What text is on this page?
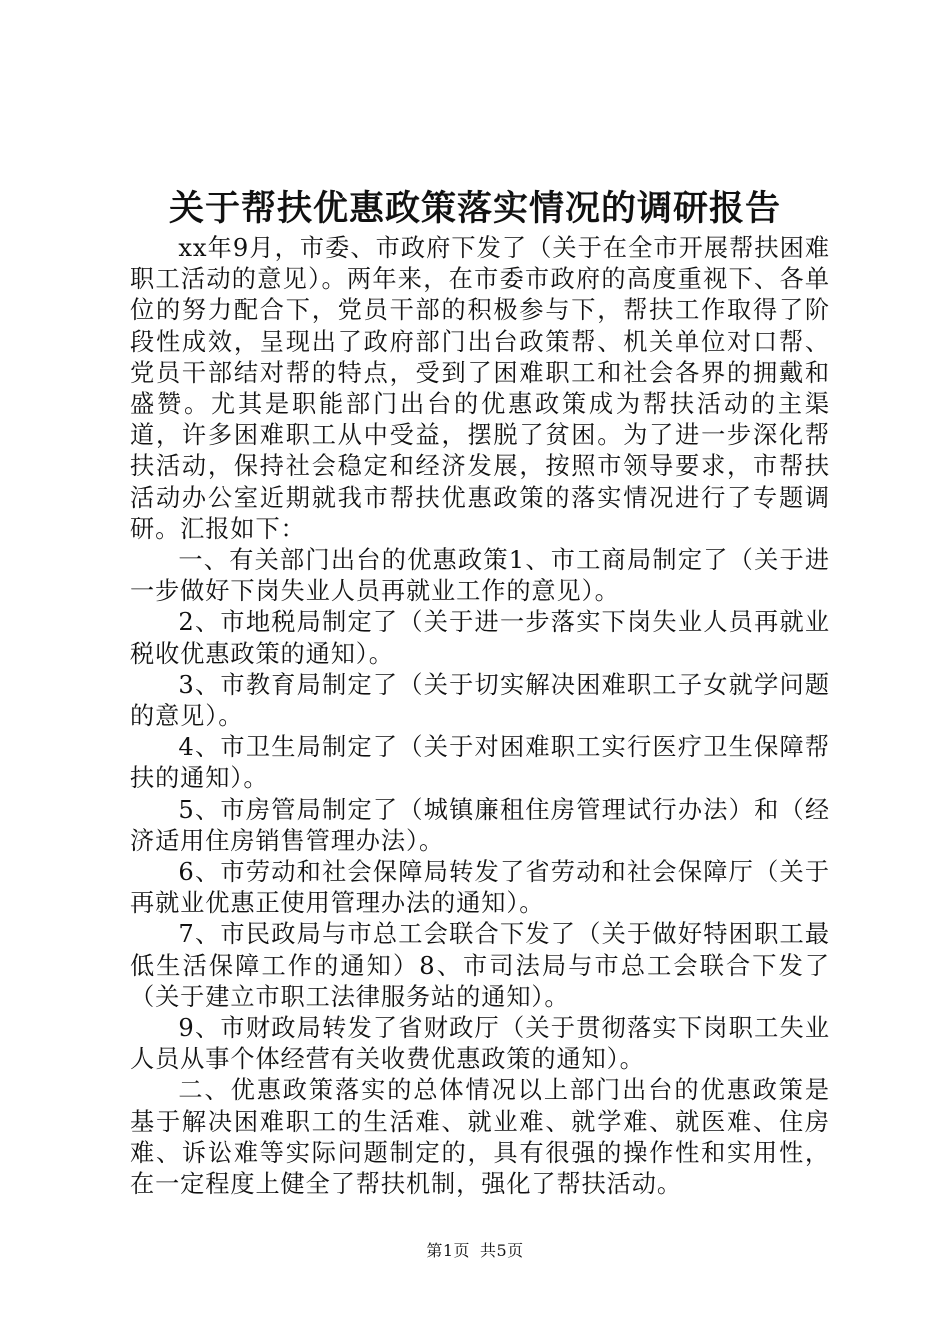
关于帮扶优惠政策落实情况的调研报告

xx年9月，市委、市政府下发了（关于在全市开展帮扶困难职工活动的意见）。两年来，在市委市政府的高度重视下、各单位的努力配合下，党员干部的积极参与下，帮扶工作取得了阶段性成效，呈现出了政府部门出台政策帮、机关单位对口帮、党员干部结对帮的特点，受到了困难职工和社会各界的拥戴和盛赞。尤其是职能部门出台的优惠政策成为帮扶活动的主渠道，许多困难职工从中受益，摆脱了贫困。为了进一步深化帮扶活动，保持社会稳定和经济发展，按照市领导要求，市帮扶活动办公室近期就我市帮扶优惠政策的落实情况进行了专题调研。汇报如下：

一、有关部门出台的优惠政策1、市工商局制定了（关于进一步做好下岗失业人员再就业工作的意见）。

2、市地税局制定了（关于进一步落实下岗失业人员再就业税收优惠政策的通知）。

3、市教育局制定了（关于切实解决困难职工子女就学问题的意见）。

4、市卫生局制定了（关于对困难职工实行医疗卫生保障帮扶的通知）。

5、市房管局制定了（城镇廉租住房管理试行办法）和（经济适用住房销售管理办法）。

6、市劳动和社会保障局转发了省劳动和社会保障厅（关于再就业优惠正使用管理办法的通知）。

7、市民政局与市总工会联合下发了（关于做好特困职工最低生活保障工作的通知）8、市司法局与市总工会联合下发了（关于建立市职工法律服务站的通知）。

9、市财政局转发了省财政厅（关于贯彻落实下岗职工失业人员从事个体经营有关收费优惠政策的通知）。

二、优惠政策落实的总体情况以上部门出台的优惠政策是基于解决困难职工的生活难、就业难、就学难、就医难、住房难、诉讼难等实际问题制定的，具有很强的操作性和实用性，在一定程度上健全了帮扶机制，强化了帮扶活动。

第1页 共5页
